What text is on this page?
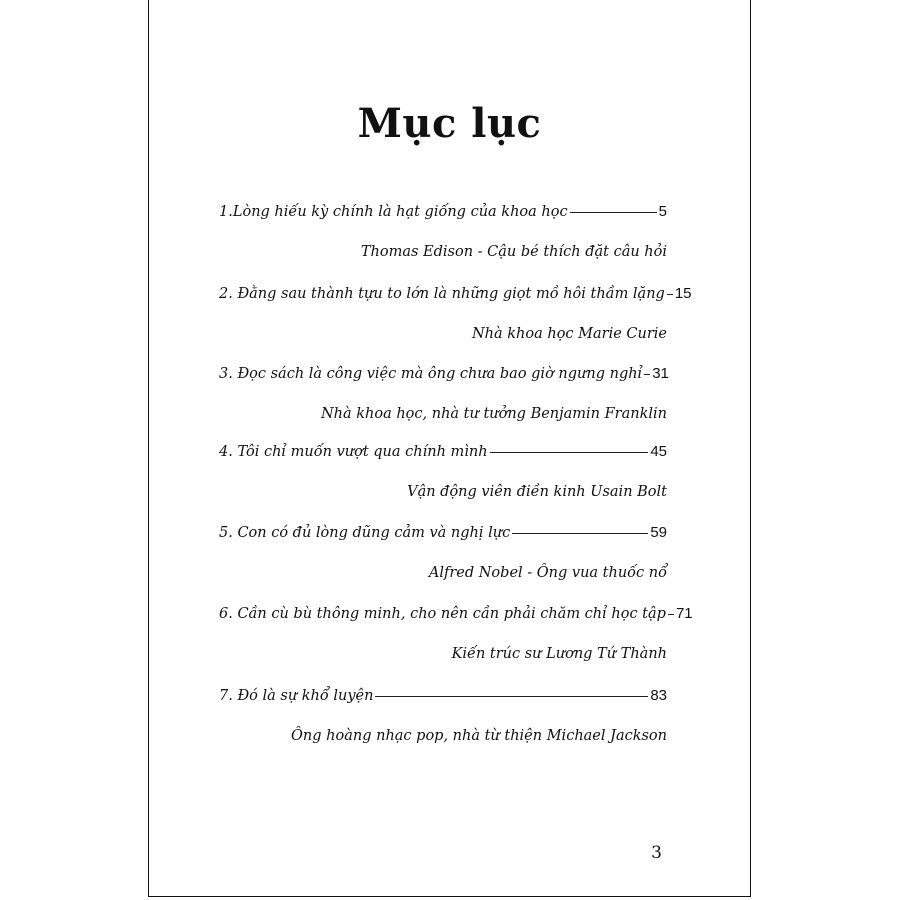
Mục lục
1.Lòng hiếu kỳ chính là hạt giống của khoa học	5
Thomas Edison - Cậu bé thích đặt câu hỏi
2. Đằng sau thành tựu to lớn là những giọt mồ hôi thầm lặng 15
Nhà khoa học Marie Curie
3. Đọc sách là công việc mà ông chưa bao giờ ngưng nghỉ 31
Nhà khoa học, nhà tư tưởng Benjamin Franklin
4. Tôi chỉ muốn vượt qua chính mình	45
Vận động viên điền kinh Usain Bolt
5. Con có đủ lòng dũng cảm và nghị lực	59
Alfred Nobel - Ông vua thuốc nổ
6. Cần cù bù thông minh, cho nên cần phải chăm chỉ học tập 71
Kiến trúc sư Lương Tứ Thành
7. Đó là sự khổ luyện	83
Ông hoàng nhạc pop, nhà từ thiện Michael Jackson
3
